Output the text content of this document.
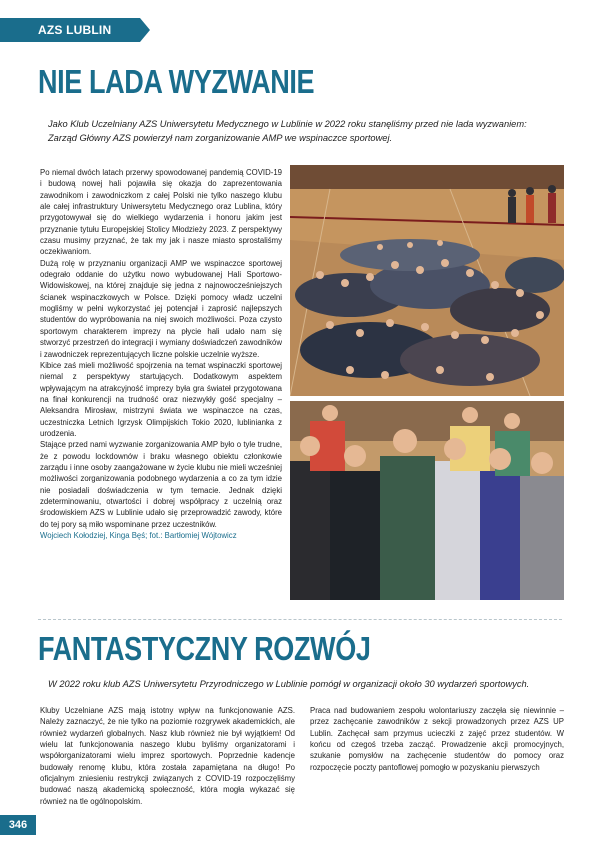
AZS LUBLIN
NIE LADA WYZWANIE
Jako Klub Uczelniany AZS Uniwersytetu Medycznego w Lublinie w 2022 roku stanęliśmy przed nie lada wyzwaniem:
Zarząd Główny AZS powierzył nam zorganizowanie AMP we wspinaczce sportowej.

Po niemal dwóch latach przerwy spowodowanej pandemią COVID-19 i budową nowej hali pojawiła się okazja do zaprezentowania zawodnikom i zawodniczkom z całej Polski nie tylko naszego klubu ale całej infrastruktury Uniwersytetu Medycznego oraz Lublina, który przygotowywał się do wielkiego wydarzenia i honoru jakim jest przyznanie tytułu Europejskiej Stolicy Młodzieży 2023. Z perspektywy czasu musimy przyznać, że tak my jak i nasze miasto sprostaliśmy oczekiwaniom.

Dużą rolę w przyznaniu organizacji AMP we wspinaczce sportowej odegrało oddanie do użytku nowo wybudowanej Hali Sportowo-Widowiskowej, na której znajduje się jedna z najnowocześniejszych ścianek wspinaczkowych w Polsce. Dzięki pomocy władz uczelni mogliśmy w pełni wykorzystać jej potencjał i zaprosić najlepszych studentów do wypróbowania na niej swoich możliwości. Poza czysto sportowym charakterem imprezy na płycie hali udało nam się stworzyć przestrzeń do integracji i wymiany doświadczeń zawodników i zawodniczek reprezentujących liczne polskie uczelnie wyższe.

Kibice zaś mieli możliwość spojrzenia na temat wspinaczki sportowej niemal z perspektywy startujących. Dodatkowym aspektem wpływającym na atrakcyjność imprezy była gra świateł przygotowana na finał konkurencji na trudność oraz niezwykły gość specjalny – Aleksandra Mirosław, mistrzyni świata we wspinaczce na czas, uczestniczka Letnich Igrzysk Olimpijskich Tokio 2020, lublinianka z urodzenia.

Stające przed nami wyzwanie zorganizowania AMP było o tyle trudne, że z powodu lockdownów i braku własnego obiektu członkowie zarządu i inne osoby zaangażowane w życie klubu nie mieli wcześniej możliwości zorganizowania podobnego wydarzenia a co za tym idzie nie posiadali doświadczenia w tym temacie. Jednak dzięki zdeterminowaniu, otwartości i dobrej współpracy z uczelnią oraz środowiskiem AZS w Lublinie udało się przeprowadzić zawody, które do tej pory są miło wspominane przez uczestników.

Wojciech Kołodziej, Kinga Bęś; fot.: Bartłomiej Wójtowicz

FANTASTYCZNY ROZWÓJ
W 2022 roku klub AZS Uniwersytetu Przyrodniczego w Lublinie pomógł w organizacji około 30 wydarzeń sportowych.
Kluby Uczelniane AZS mają istotny wpływ na funkcjonowanie AZS. Należy zaznaczyć, że nie tylko na poziomie rozgrywek akademickich, ale również wydarzeń globalnych. Nasz klub również nie był wyjątkiem! Od wielu lat funkcjonowania naszego klubu byliśmy organizatorami i współorganizatorami wielu imprez sportowych. Poprzednie kadencje budowały renomę klubu, która została zapamiętana na długo! Po oficjalnym zniesieniu restrykcji związanych z COVID-19 rozpoczęliśmy budować naszą akademicką społeczność, która mogła wykazać się również na tle ogólnopolskim.
Praca nad budowaniem zespołu wolontariuszy zaczęła się niewinnie – przez zachęcanie zawodników z sekcji prowadzonych przez AZS UP Lublin. Zachęcał sam przymus ucieczki z zajęć przez studentów. W końcu od czegoś trzeba zacząć. Prowadzenie akcji promocyjnych, szukanie pomysłów na zachęcenie studentów do pomocy oraz rozpoczęcie poczty pantoflowej pomogło w pozyskaniu pierwszych
346
